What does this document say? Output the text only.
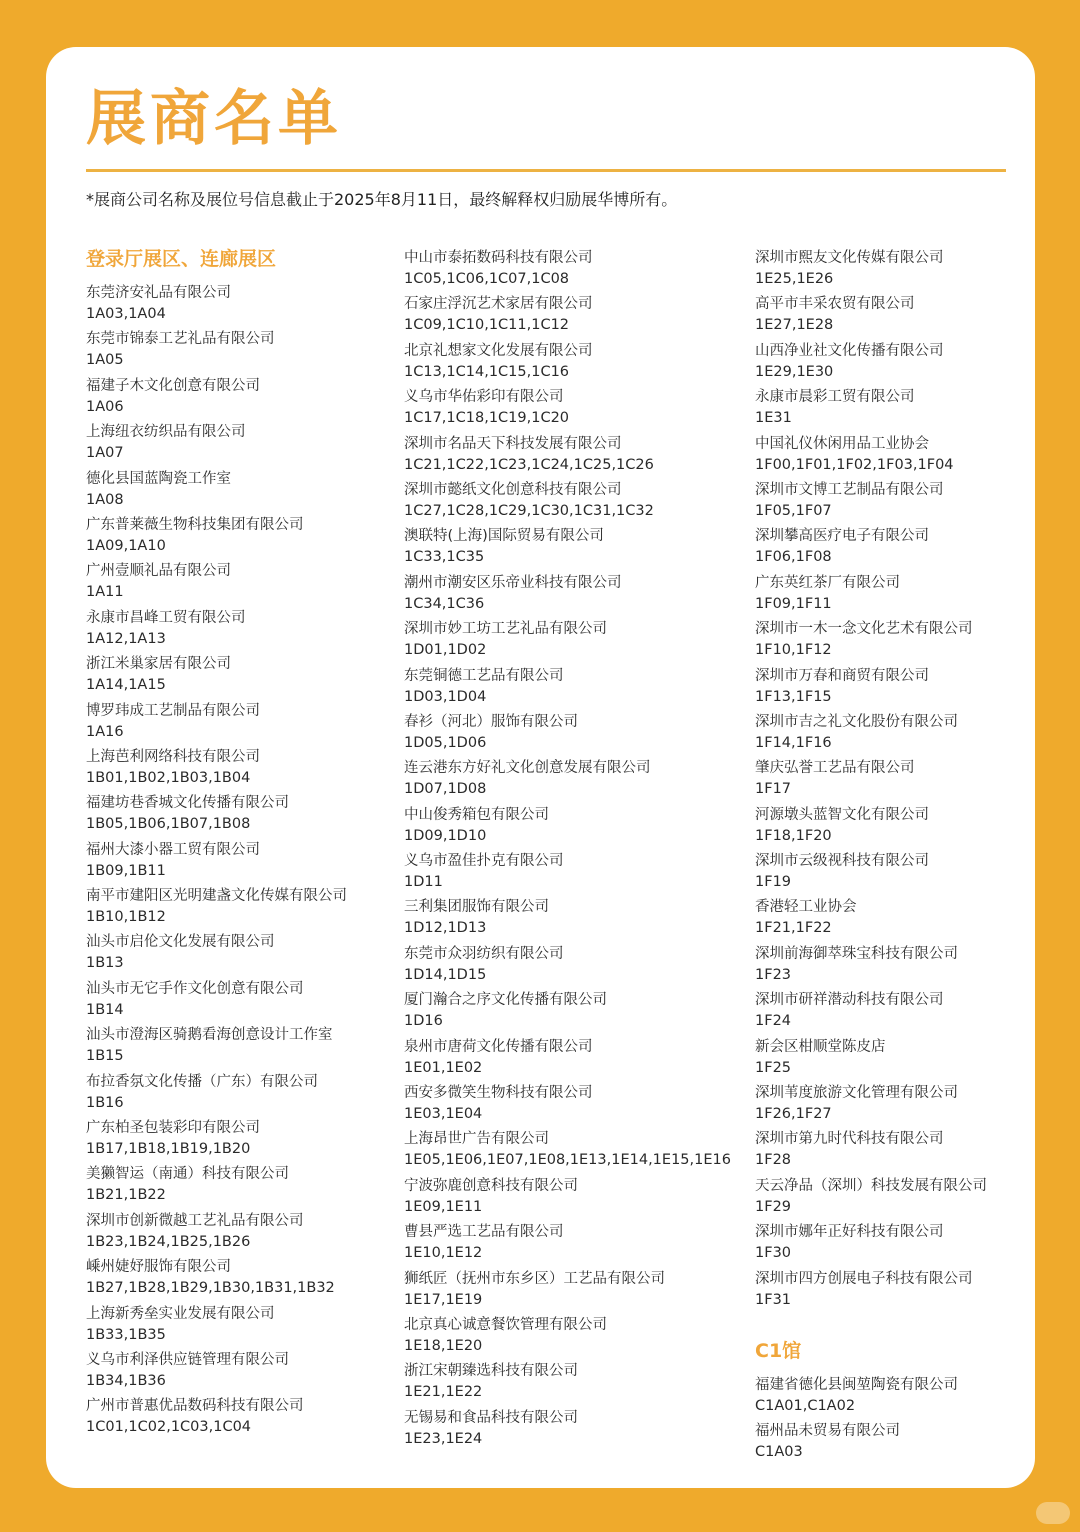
展商名单
*展商公司名称及展位号信息截止于2025年8月11日，最终解释权归励展华博所有。
登录厅展区、连廊展区
东莞济安礼品有限公司
1A03,1A04
东莞市锦泰工艺礼品有限公司
1A05
福建子木文化创意有限公司
1A06
上海纽衣纺织品有限公司
1A07
德化县国蓝陶瓷工作室
1A08
广东普莱薇生物科技集团有限公司
1A09,1A10
广州壹顺礼品有限公司
1A11
永康市昌峰工贸有限公司
1A12,1A13
浙江米巢家居有限公司
1A14,1A15
博罗玮成工艺制品有限公司
1A16
上海芭利网络科技有限公司
1B01,1B02,1B03,1B04
福建坊巷香城文化传播有限公司
1B05,1B06,1B07,1B08
福州大漆小器工贸有限公司
1B09,1B11
南平市建阳区光明建盏文化传媒有限公司
1B10,1B12
汕头市启伦文化发展有限公司
1B13
汕头市无它手作文化创意有限公司
1B14
汕头市澄海区骑鹅看海创意设计工作室
1B15
布拉香氛文化传播（广东）有限公司
1B16
广东柏圣包装彩印有限公司
1B17,1B18,1B19,1B20
美獭智运（南通）科技有限公司
1B21,1B22
深圳市创新微越工艺礼品有限公司
1B23,1B24,1B25,1B26
嵊州婕妤服饰有限公司
1B27,1B28,1B29,1B30,1B31,1B32
上海新秀垒实业发展有限公司
1B33,1B35
义乌市利泽供应链管理有限公司
1B34,1B36
广州市普惠优品数码科技有限公司
1C01,1C02,1C03,1C04
中山市泰拓数码科技有限公司
1C05,1C06,1C07,1C08
石家庄浮沉艺术家居有限公司
1C09,1C10,1C11,1C12
北京礼想家文化发展有限公司
1C13,1C14,1C15,1C16
义乌市华佑彩印有限公司
1C17,1C18,1C19,1C20
深圳市名品天下科技发展有限公司
1C21,1C22,1C23,1C24,1C25,1C26
深圳市懿纸文化创意科技有限公司
1C27,1C28,1C29,1C30,1C31,1C32
澳联特(上海)国际贸易有限公司
1C33,1C35
潮州市潮安区乐帝业科技有限公司
1C34,1C36
深圳市妙工坊工艺礼品有限公司
1D01,1D02
东莞铜德工艺品有限公司
1D03,1D04
春衫（河北）服饰有限公司
1D05,1D06
连云港东方好礼文化创意发展有限公司
1D07,1D08
中山俊秀箱包有限公司
1D09,1D10
义乌市盈佳扑克有限公司
1D11
三利集团服饰有限公司
1D12,1D13
东莞市众羽纺织有限公司
1D14,1D15
厦门瀚合之序文化传播有限公司
1D16
泉州市唐荷文化传播有限公司
1E01,1E02
西安多微笑生物科技有限公司
1E03,1E04
上海昂世广告有限公司
1E05,1E06,1E07,1E08,1E13,1E14,1E15,1E16
宁波弥鹿创意科技有限公司
1E09,1E11
曹县严选工艺品有限公司
1E10,1E12
狮纸匠（抚州市东乡区）工艺品有限公司
1E17,1E19
北京真心诚意餐饮管理有限公司
1E18,1E20
浙江宋朝臻选科技有限公司
1E21,1E22
无锡易和食品科技有限公司
1E23,1E24
深圳市熙友文化传媒有限公司
1E25,1E26
高平市丰采农贸有限公司
1E27,1E28
山西净业社文化传播有限公司
1E29,1E30
永康市晨彩工贸有限公司
1E31
中国礼仪休闲用品工业协会
1F00,1F01,1F02,1F03,1F04
深圳市文博工艺制品有限公司
1F05,1F07
深圳攀高医疗电子有限公司
1F06,1F08
广东英红茶厂有限公司
1F09,1F11
深圳市一木一念文化艺术有限公司
1F10,1F12
深圳市万春和商贸有限公司
1F13,1F15
深圳市吉之礼文化股份有限公司
1F14,1F16
肇庆弘誉工艺品有限公司
1F17
河源墩头蓝智文化有限公司
1F18,1F20
深圳市云级视科技有限公司
1F19
香港轻工业协会
1F21,1F22
深圳前海御萃珠宝科技有限公司
1F23
深圳市研祥潜动科技有限公司
1F24
新会区柑顺堂陈皮店
1F25
深圳苇度旅游文化管理有限公司
1F26,1F27
深圳市第九时代科技有限公司
1F28
天云净品（深圳）科技发展有限公司
1F29
深圳市娜年正好科技有限公司
1F30
深圳市四方创展电子科技有限公司
1F31
C1馆
福建省德化县闽堃陶瓷有限公司
C1A01,C1A02
福州品未贸易有限公司
C1A03
